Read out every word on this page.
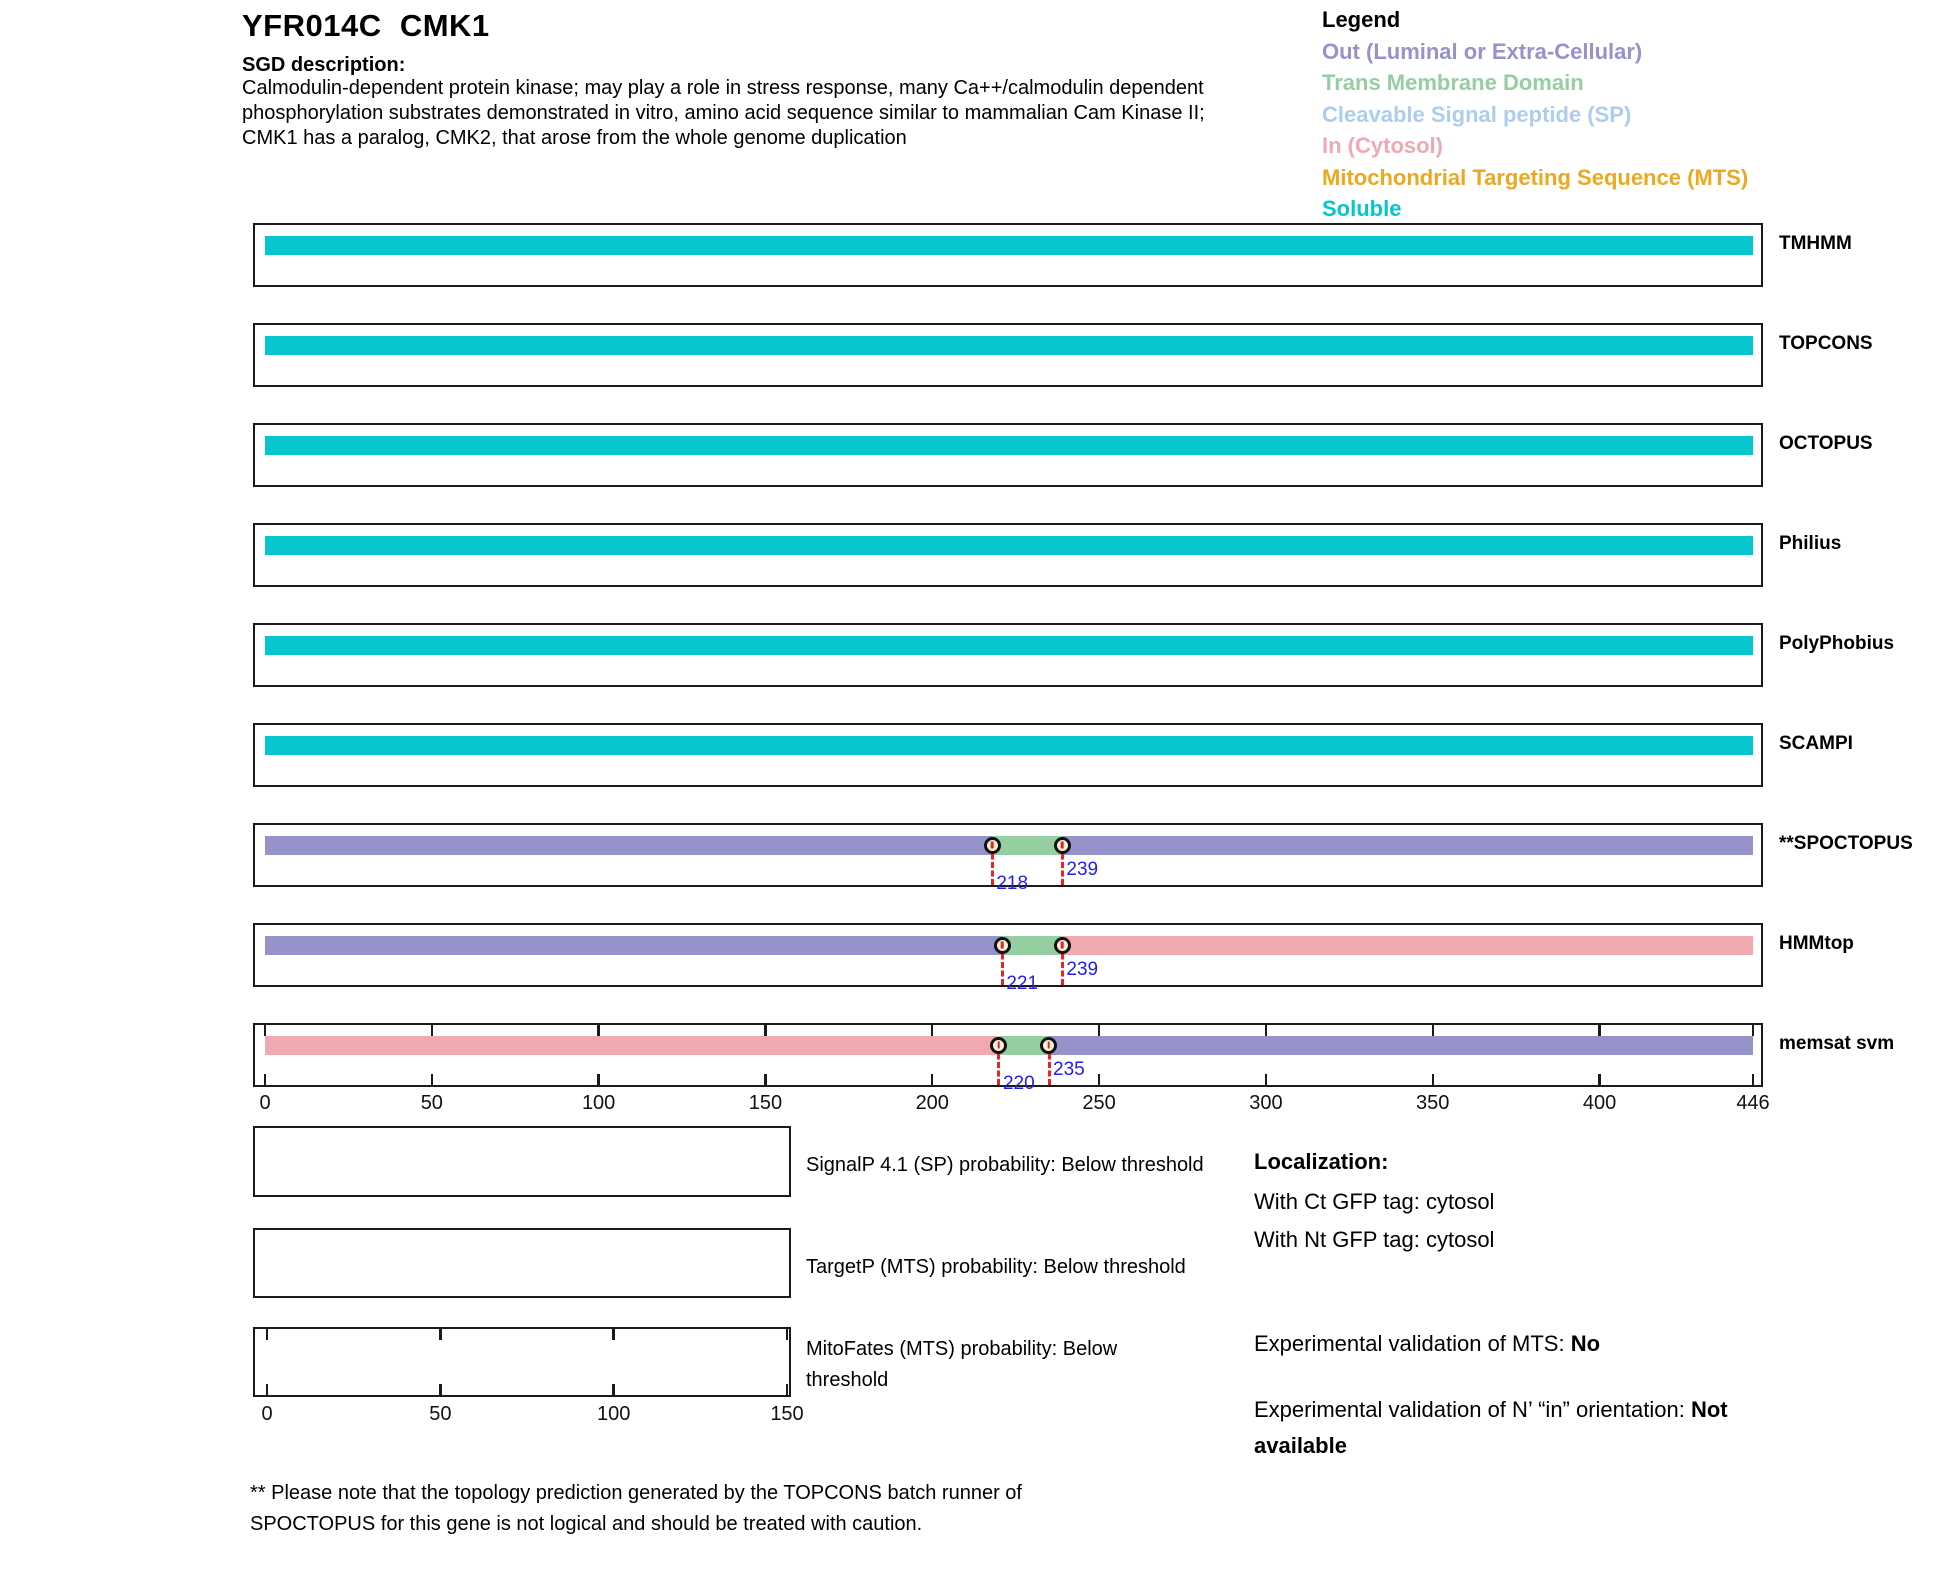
YFR014C  CMK1
SGD description:
Calmodulin-dependent protein kinase; may play a role in stress response, many Ca++/calmodulin dependent
phosphorylation substrates demonstrated in vitro, amino acid sequence similar to mammalian Cam Kinase II;
CMK1 has a paralog, CMK2, that arose from the whole genome duplication
Legend
Out (Luminal or Extra-Cellular)
Trans Membrane Domain
Cleavable Signal peptide (SP)
In (Cytosol)
Mitochondrial Targeting Sequence (MTS)
Soluble
TMHMM
TOPCONS
OCTOPUS
Philius
PolyPhobius
SCAMPI
218
239
**SPOCTOPUS
221
239
HMMtop
220
235
memsat svm
0	50	100	150	200	250	300	350	400	446
0	50	100	150
SignalP 4.1 (SP) probability: Below threshold
TargetP (MTS) probability: Below threshold
MitoFates (MTS) probability: Below threshold
Localization:
With Ct GFP tag: cytosol
With Nt GFP tag: cytosol
Experimental validation of MTS: No
Experimental validation of N’ “in” orientation: Not available
** Please note that the topology prediction generated by the TOPCONS batch runner of
SPOCTOPUS for this gene is not logical and should be treated with caution.
